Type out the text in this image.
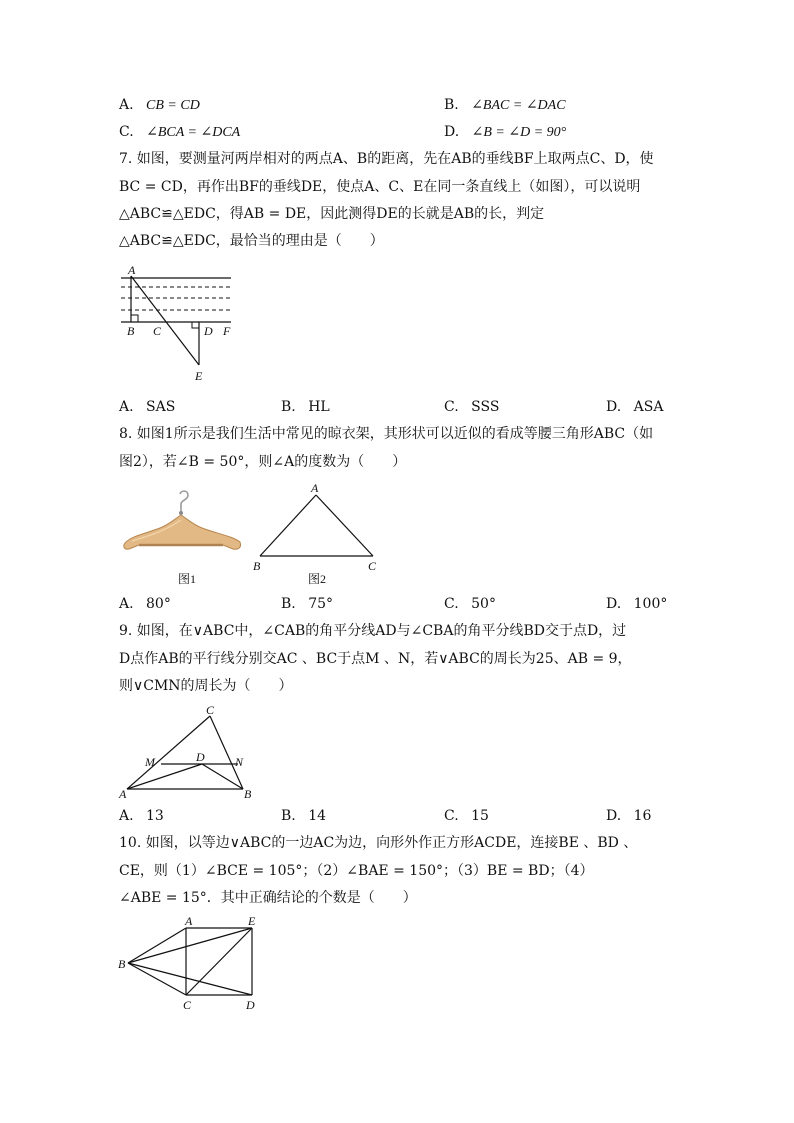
A. CB = CD	B. ∠BAC = ∠DAC
C. ∠BCA = ∠DCA	D. ∠B = ∠D = 90°
7. 如图，要测量河两岸相对的两点A、B的距离，先在AB的垂线BF上取两点C、D，使
BC = CD，再作出BF的垂线DE，使点A、C、E在同一条直线上（如图），可以说明
△ABC≌△EDC，得AB = DE，因此测得DE的长就是AB的长，判定
△ABC≌△EDC，最恰当的理由是（　　）
A
B C	D F
E
A. SAS	B. HL	C. SSS	D. ASA
8. 如图1所示是我们生活中常见的晾衣架，其形状可以近似的看成等腰三角形ABC（如
图2），若∠B = 50°，则∠A的度数为（　　）
A
B	C
图1	图2
A. 80°	B. 75°	C. 50°	D. 100°
9. 如图，在∨ABC中，∠CAB的角平分线AD与∠CBA的角平分线BD交于点D，过
D点作AB的平行线分别交AC 、BC于点M 、N，若∨ABC的周长为25、AB = 9，
则∨CMN的周长为（　　）
C
M	D	N
A	B
A. 13	B. 14	C. 15	D. 16
10. 如图，以等边∨ABC的一边AC为边，向形外作正方形ACDE，连接BE 、BD 、
CE，则（1）∠BCE = 105°；（2）∠BAE = 150°；（3）BE = BD；（4）
∠ABE = 15°．其中正确结论的个数是（　　）
A	E
B
C	D
